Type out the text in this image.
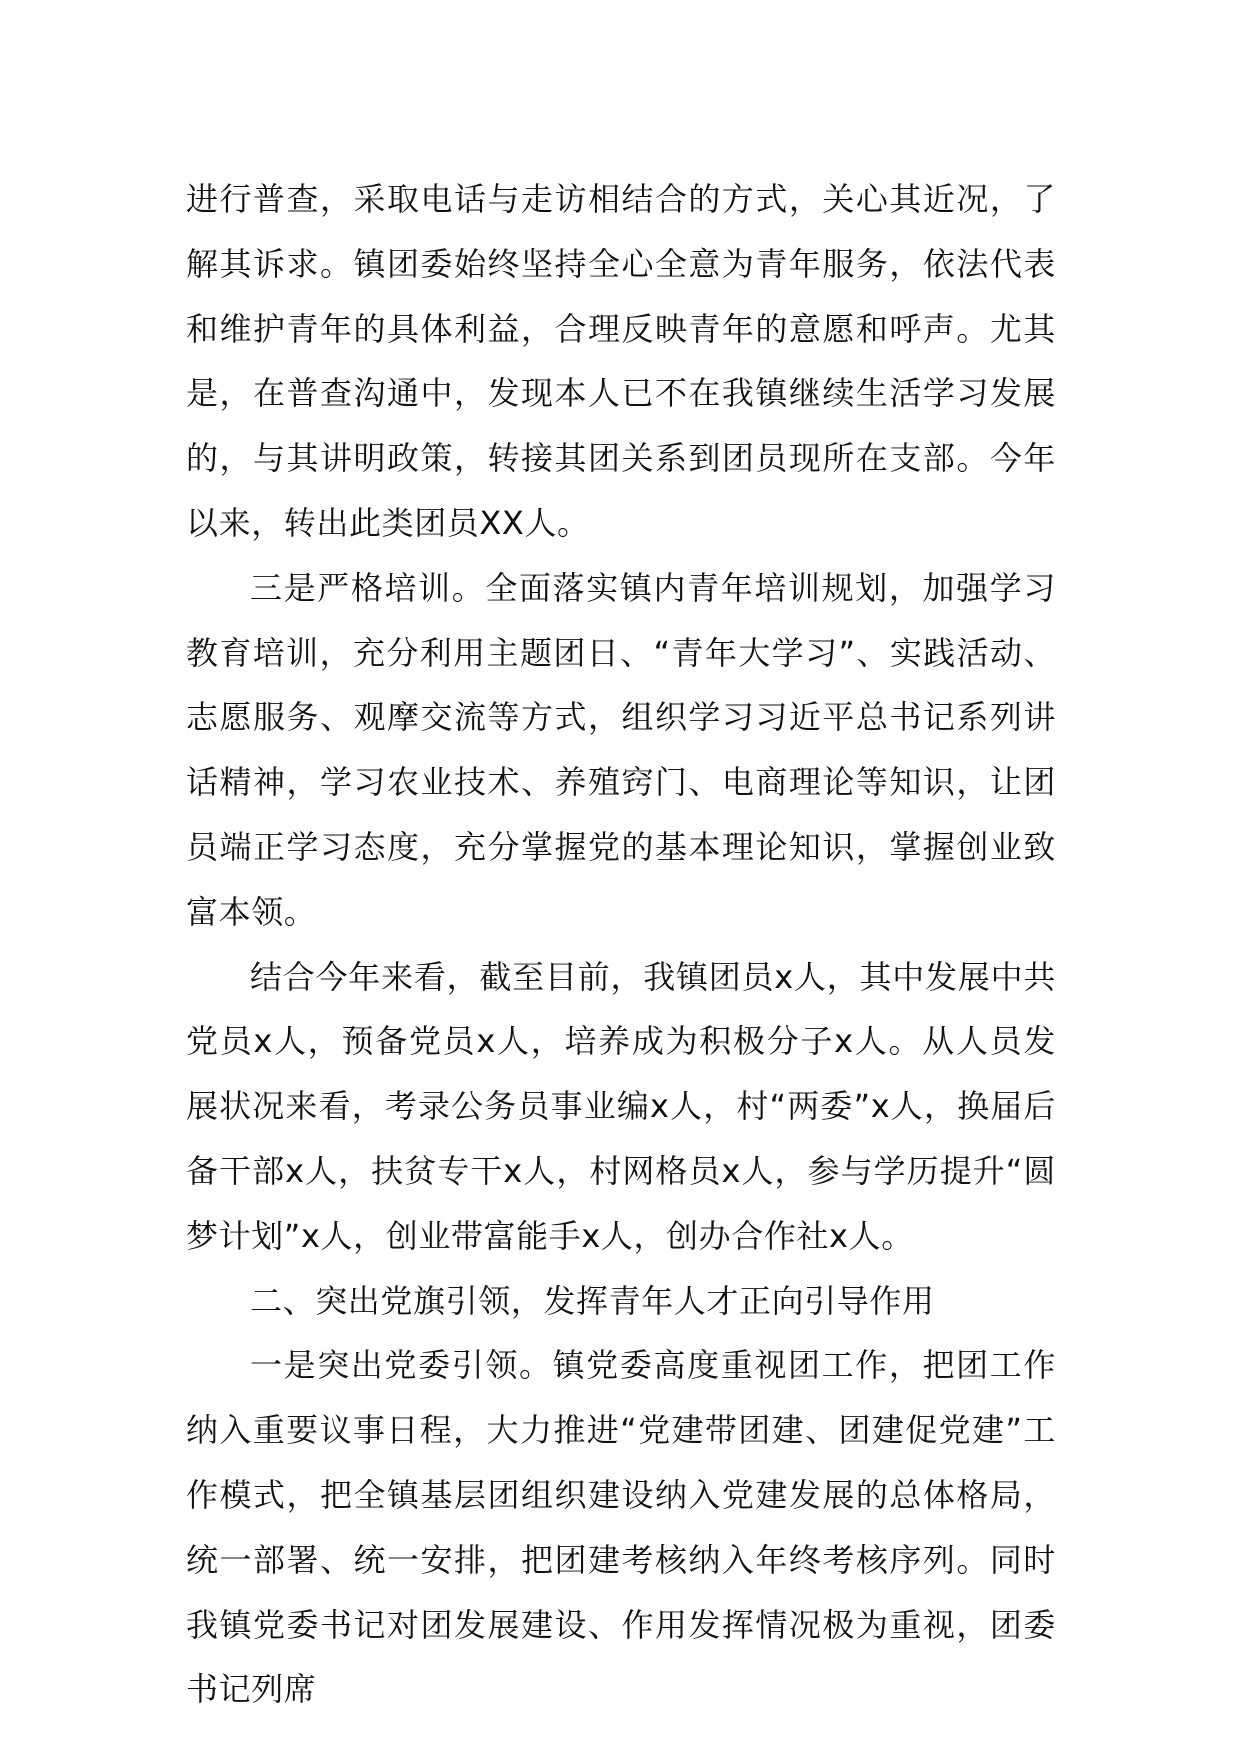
进行普查，采取电话与走访相结合的方式，关心其近况，了解其诉求。镇团委始终坚持全心全意为青年服务，依法代表和维护青年的具体利益，合理反映青年的意愿和呼声。尤其是，在普查沟通中，发现本人已不在我镇继续生活学习发展的，与其讲明政策，转接其团关系到团员现所在支部。今年以来，转出此类团员XX人。

三是严格培训。全面落实镇内青年培训规划，加强学习教育培训，充分利用主题团日、“青年大学习”、实践活动、志愿服务、观摩交流等方式，组织学习习近平总书记系列讲话精神，学习农业技术、养殖窍门、电商理论等知识，让团员端正学习态度，充分掌握党的基本理论知识，掌握创业致富本领。

结合今年来看，截至目前，我镇团员x人，其中发展中共党员x人，预备党员x人，培养成为积极分子x人。从人员发展状况来看，考录公务员事业编x人，村“两委”x人，换届后备干部x人，扶贫专干x人，村网格员x人，参与学历提升“圆梦计划”x人，创业带富能手x人，创办合作社x人。

二、突出党旗引领，发挥青年人才正向引导作用

一是突出党委引领。镇党委高度重视团工作，把团工作纳入重要议事日程，大力推进“党建带团建、团建促党建”工作模式，把全镇基层团组织建设纳入党建发展的总体格局，统一部署、统一安排，把团建考核纳入年终考核序列。同时我镇党委书记对团发展建设、作用发挥情况极为重视，团委书记列席
